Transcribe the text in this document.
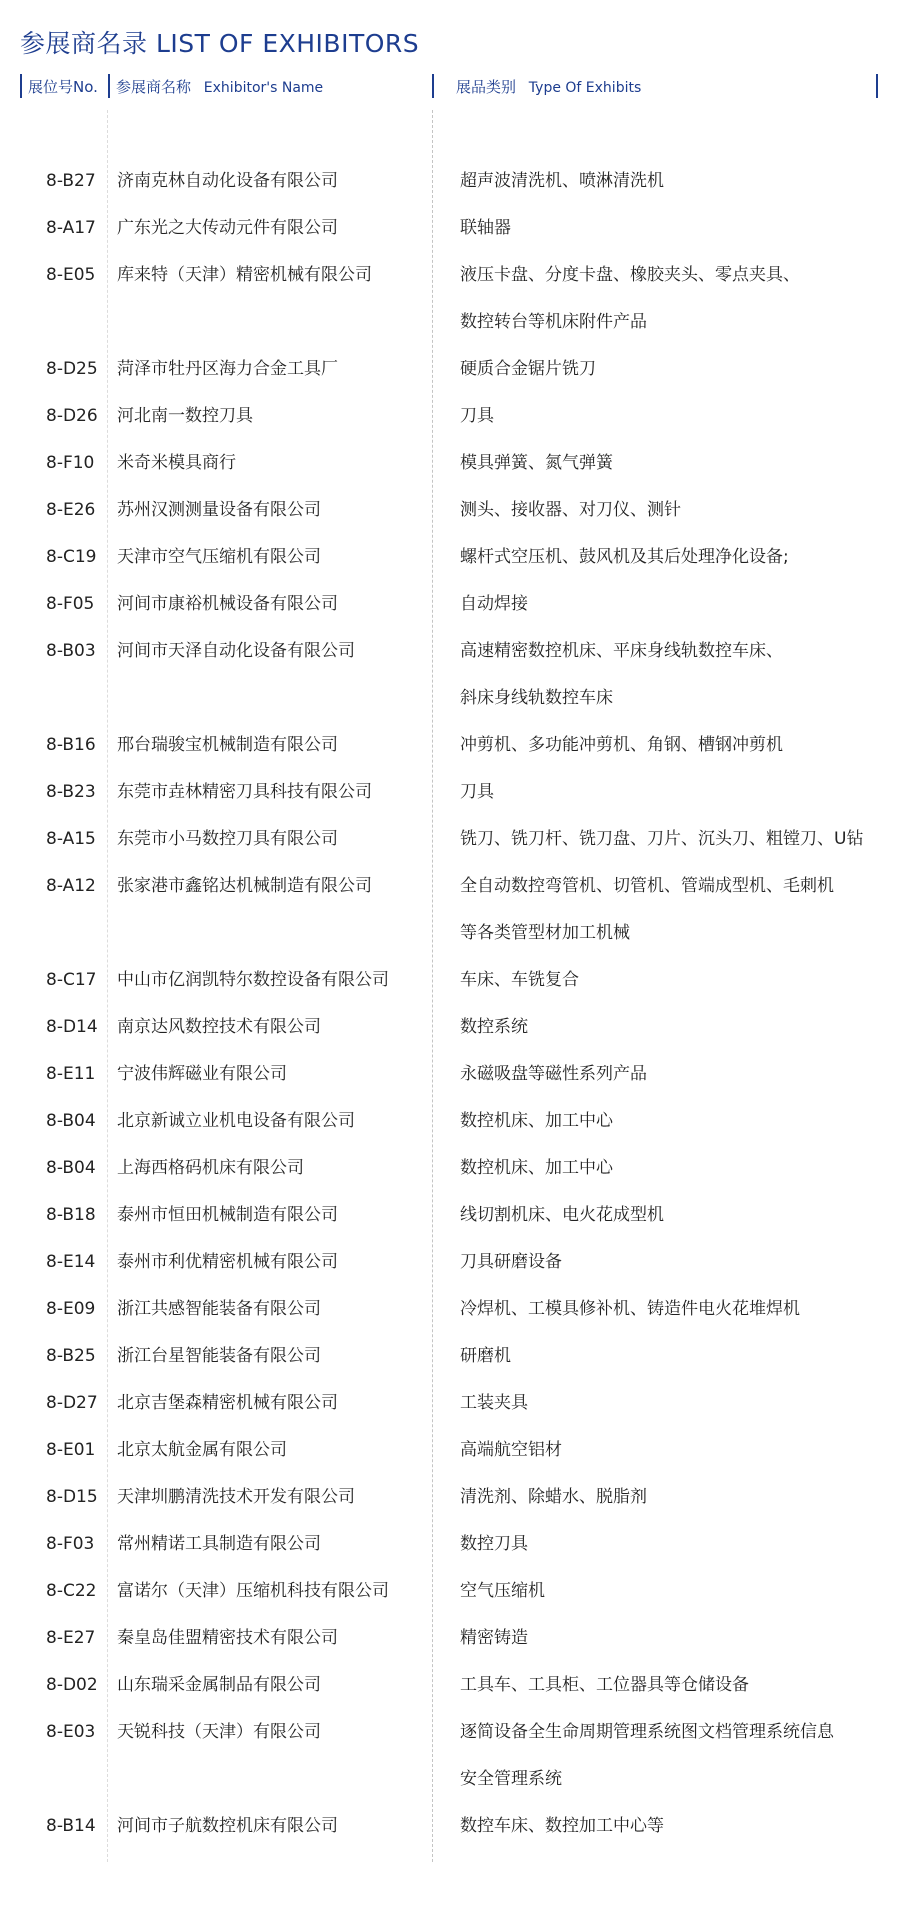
参展商名录 LIST OF EXHIBITORS
展位号No. 参展商名称 Exhibitor's Name	展品类别 Type Of Exhibits
8-B27 济南克林自动化设备有限公司	超声波清洗机、喷淋清洗机
8-A17 广东光之大传动元件有限公司	联轴器
8-E05 库来特（天津）精密机械有限公司	液压卡盘、分度卡盘、橡胶夹头、零点夹具、
数控转台等机床附件产品
8-D25 菏泽市牡丹区海力合金工具厂	硬质合金锯片铣刀
8-D26 河北南一数控刀具	刀具
8-F10 米奇米模具商行	模具弹簧、氮气弹簧
8-E26 苏州汉测测量设备有限公司	测头、接收器、对刀仪、测针
8-C19 天津市空气压缩机有限公司	螺杆式空压机、鼓风机及其后处理净化设备;
8-F05 河间市康裕机械设备有限公司	自动焊接
8-B03 河间市天泽自动化设备有限公司	高速精密数控机床、平床身线轨数控车床、
斜床身线轨数控车床
8-B16 邢台瑞骏宝机械制造有限公司	冲剪机、多功能冲剪机、角钢、槽钢冲剪机
8-B23 东莞市垚林精密刀具科技有限公司	刀具
8-A15 东莞市小马数控刀具有限公司	铣刀、铣刀杆、铣刀盘、刀片、沉头刀、粗镗刀、U钻
8-A12 张家港市鑫铭达机械制造有限公司	全自动数控弯管机、切管机、管端成型机、毛刺机
等各类管型材加工机械
8-C17 中山市亿润凯特尔数控设备有限公司	车床、车铣复合
8-D14 南京达风数控技术有限公司	数控系统
8-E11 宁波伟辉磁业有限公司	永磁吸盘等磁性系列产品
8-B04 北京新诚立业机电设备有限公司	数控机床、加工中心
8-B04 上海西格码机床有限公司	数控机床、加工中心
8-B18 泰州市恒田机械制造有限公司	线切割机床、电火花成型机
8-E14 泰州市利优精密机械有限公司	刀具研磨设备
8-E09 浙江共感智能装备有限公司	冷焊机、工模具修补机、铸造件电火花堆焊机
8-B25 浙江台星智能装备有限公司	研磨机
8-D27 北京吉堡森精密机械有限公司	工装夹具
8-E01 北京太航金属有限公司	高端航空铝材
8-D15 天津圳鹏清洗技术开发有限公司	清洗剂、除蜡水、脱脂剂
8-F03 常州精诺工具制造有限公司	数控刀具
8-C22 富诺尔（天津）压缩机科技有限公司	空气压缩机
8-E27 秦皇岛佳盟精密技术有限公司	精密铸造
8-D02 山东瑞采金属制品有限公司	工具车、工具柜、工位器具等仓储设备
8-E03 天锐科技（天津）有限公司	逐简设备全生命周期管理系统图文档管理系统信息
安全管理系统
8-B14 河间市子航数控机床有限公司	数控车床、数控加工中心等
